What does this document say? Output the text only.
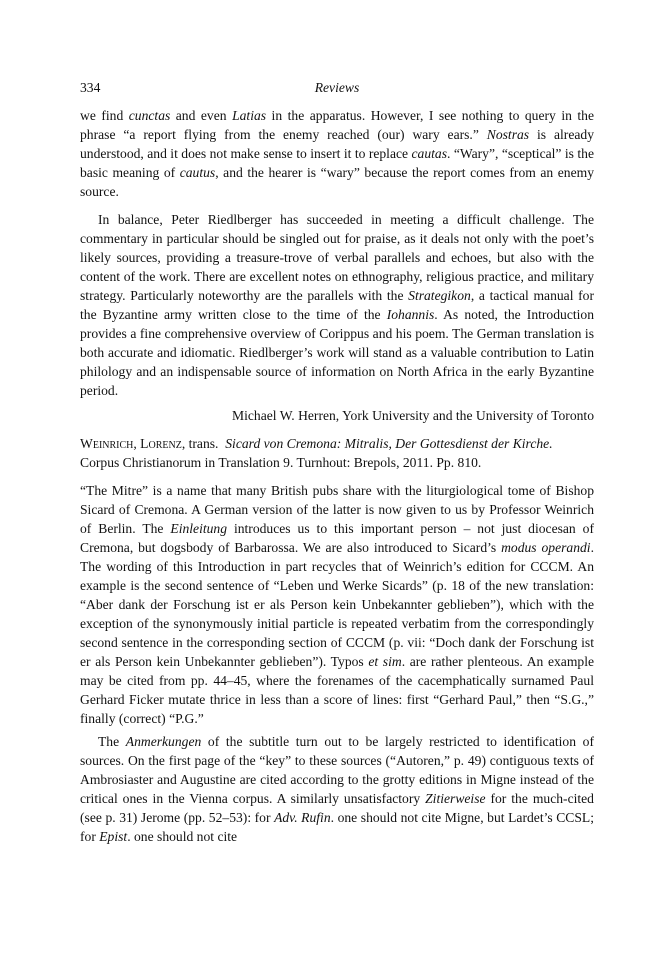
334	Reviews

we find cunctas and even Latias in the apparatus. However, I see nothing to query in the phrase “a report flying from the enemy reached (our) wary ears.” Nostras is already understood, and it does not make sense to insert it to replace cautas. “Wary”, “sceptical” is the basic meaning of cautus, and the hearer is “wary” because the report comes from an enemy source.

In balance, Peter Riedlberger has succeeded in meeting a difficult challenge. The commentary in particular should be singled out for praise, as it deals not only with the poet’s likely sources, providing a treasure-trove of verbal parallels and echoes, but also with the content of the work. There are excellent notes on ethnography, religious practice, and military strategy. Particularly noteworthy are the parallels with the Strategikon, a tactical manual for the Byzantine army written close to the time of the Iohannis. As noted, the Introduction provides a fine comprehensive overview of Corippus and his poem. The German translation is both accurate and idiomatic. Riedlberger’s work will stand as a valuable contribution to Latin philology and an indispensable source of information on North Africa in the early Byzantine period.

Michael W. Herren, York University and the University of Toronto

Weinrich, Lorenz, trans. Sicard von Cremona: Mitralis, Der Gottesdienst der Kirche.
Corpus Christianorum in Translation 9. Turnhout: Brepols, 2011. Pp. 810.

“The Mitre” is a name that many British pubs share with the liturgiological tome of Bishop Sicard of Cremona. A German version of the latter is now given to us by Professor Weinrich of Berlin. The Einleitung introduces us to this important person – not just diocesan of Cremona, but dogsbody of Barbarossa. We are also introduced to Sicard’s modus operandi. The wording of this Introduction in part recycles that of Weinrich’s edition for CCCM. An example is the second sentence of “Leben und Werke Sicards” (p. 18 of the new translation: “Aber dank der Forschung ist er als Person kein Unbekannter geblieben”), which with the exception of the synonymously initial particle is repeated verbatim from the correspondingly second sentence in the corresponding section of CCCM (p. vii: “Doch dank der Forschung ist er als Person kein Unbekannter geblieben”). Typos et sim. are rather plenteous. An example may be cited from pp. 44–45, where the forenames of the cacemphatically surnamed Paul Gerhard Ficker mutate thrice in less than a score of lines: first “Gerhard Paul,” then “S.G.,” finally (correct) “P.G.”

The Anmerkungen of the subtitle turn out to be largely restricted to identification of sources. On the first page of the “key” to these sources (“Autoren,” p. 49) contiguous texts of Ambrosiaster and Augustine are cited according to the grotty editions in Migne instead of the critical ones in the Vienna corpus. A similarly unsatisfactory Zitierweise for the much-cited (see p. 31) Jerome (pp. 52–53): for Adv. Rufin. one should not cite Migne, but Lardet’s CCSL; for Epist. one should not cite
